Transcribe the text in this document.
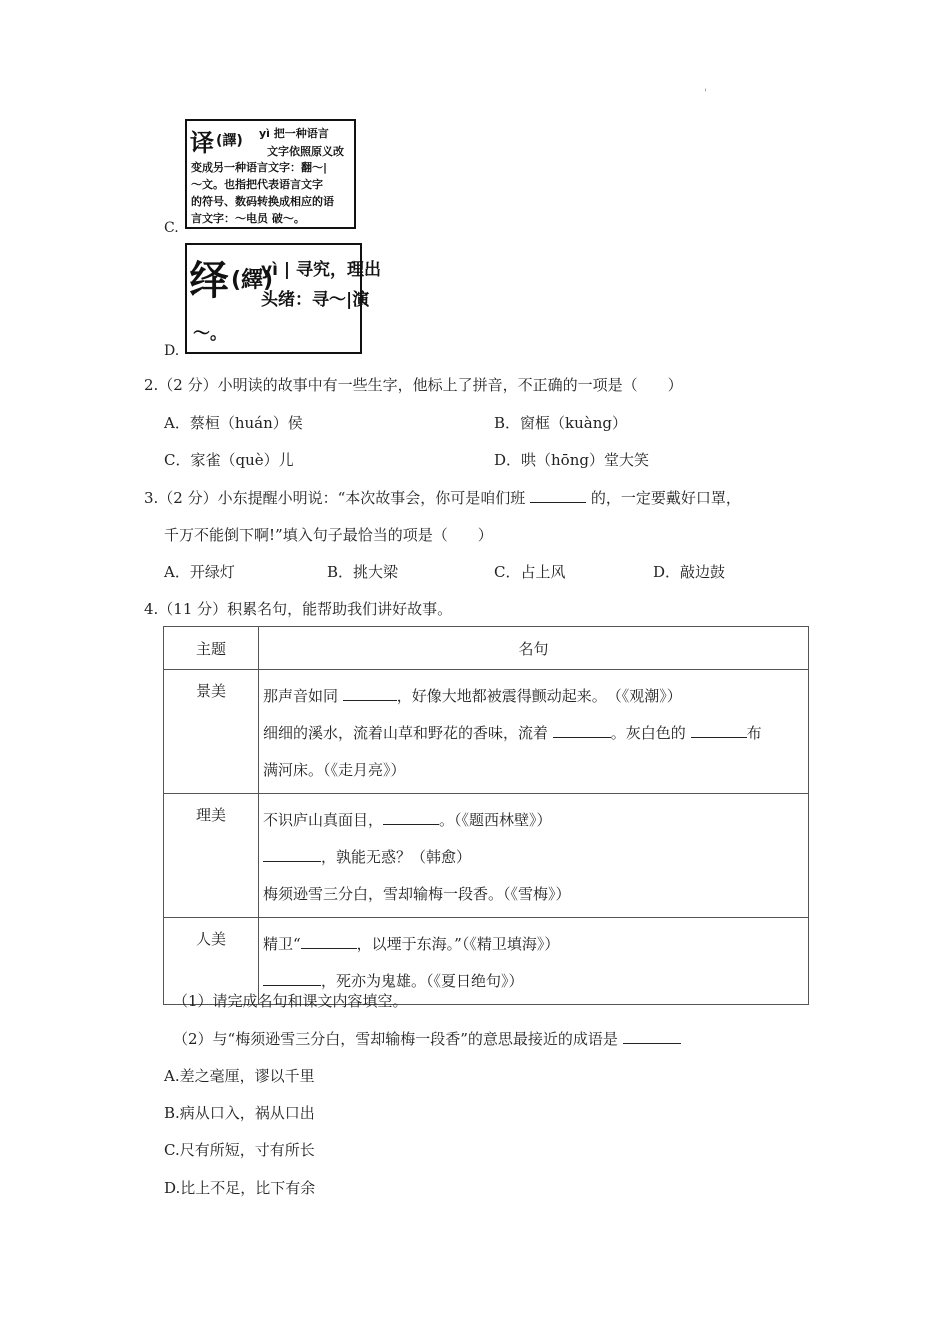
'
C.
译 (譯) yì 把一种语言
文字依照原义改
变成另一种语言文字：翻～|
～文。也指把代表语言文字
的符号、数码转换成相应的语
言文字：～电员 破～。
D.
绎 (繹)
yì | 寻究，理出
头绪：寻～|演
～。
2.（2 分）小明读的故事中有一些生字，他标上了拼音，不正确的一项是（　　）
A．蔡桓（huán）侯	B．窗框（kuàng）
C．家雀（què）儿	D．哄（hōng）堂大笑
3.（2 分）小东提醒小明说：“本次故事会，你可是咱们班	的，一定要戴好口罩，
千万不能倒下啊!”填入句子最恰当的项是（　　）
A．开绿灯	B．挑大梁	C．占上风	D．敲边鼓
4.（11 分）积累名句，能帮助我们讲好故事。
主题	名句
景美	那声音如同 ，好像大地都被震得颤动起来。　（《观潮》）
细细的溪水，流着山草和野花的香味，流着 。灰白色的 布
满河床。（《走月亮》）

理美	不识庐山真面目， 。（《题西林壁》）
，孰能无惑？（韩愈）
梅须逊雪三分白，雪却输梅一段香。（《雪梅》）

人美	精卫“ ，以堙于东海。”（《精卫填海》）
，死亦为鬼雄。（《夏日绝句》）
（1）请完成名句和课文内容填空。
（2）与“梅须逊雪三分白，雪却输梅一段香”的意思最接近的成语是
A.差之毫厘，谬以千里
B.病从口入，祸从口出
C.尺有所短，寸有所长
D.比上不足，比下有余
